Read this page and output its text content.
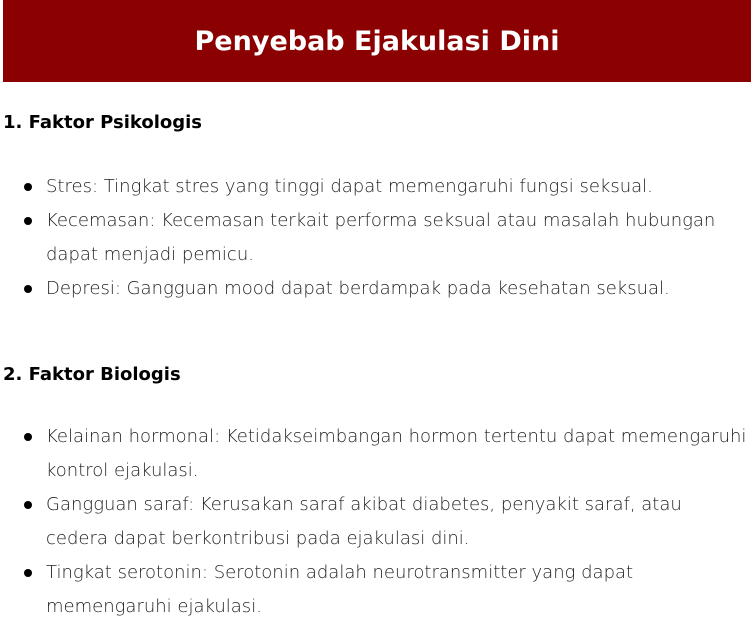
Penyebab Ejakulasi Dini
1. Faktor Psikologis
Stres: Tingkat stres yang tinggi dapat memengaruhi fungsi seksual.
Kecemasan: Kecemasan terkait performa seksual atau masalah hubungan dapat menjadi pemicu.
Depresi: Gangguan mood dapat berdampak pada kesehatan seksual.
2. Faktor Biologis
Kelainan hormonal: Ketidakseimbangan hormon tertentu dapat memengaruhi kontrol ejakulasi.
Gangguan saraf: Kerusakan saraf akibat diabetes, penyakit saraf, atau cedera dapat berkontribusi pada ejakulasi dini.
Tingkat serotonin: Serotonin adalah neurotransmitter yang dapat memengaruhi ejakulasi.
